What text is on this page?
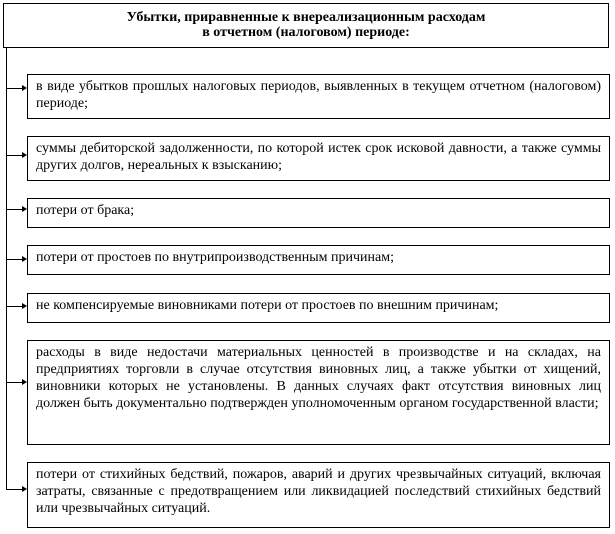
Убытки, приравненные к внереализационным расходам
в отчетном (налоговом) периоде:
в виде убытков прошлых налоговых периодов, выявленных в текущем отчетном (налоговом) периоде;
суммы дебиторской задолженности, по которой истек срок исковой давности, а также суммы других долгов, нереальных к взысканию;
потери от брака;
потери от простоев по внутрипроизводственным причинам;
не компенсируемые виновниками потери от простоев по внешним причинам;
расходы в виде недостачи материальных ценностей в производстве и на складах, на предприятиях торговли в случае отсутствия виновных лиц, а также убытки от хищений, виновники которых не установлены. В данных случаях факт отсутствия виновных лиц должен быть документально подтвержден уполномоченным органом государственной власти;
потери от стихийных бедствий, пожаров, аварий и других чрезвычайных ситуаций, включая затраты, связанные с предотвращением или ликвидацией последствий стихийных бедствий или чрезвычайных ситуаций.
